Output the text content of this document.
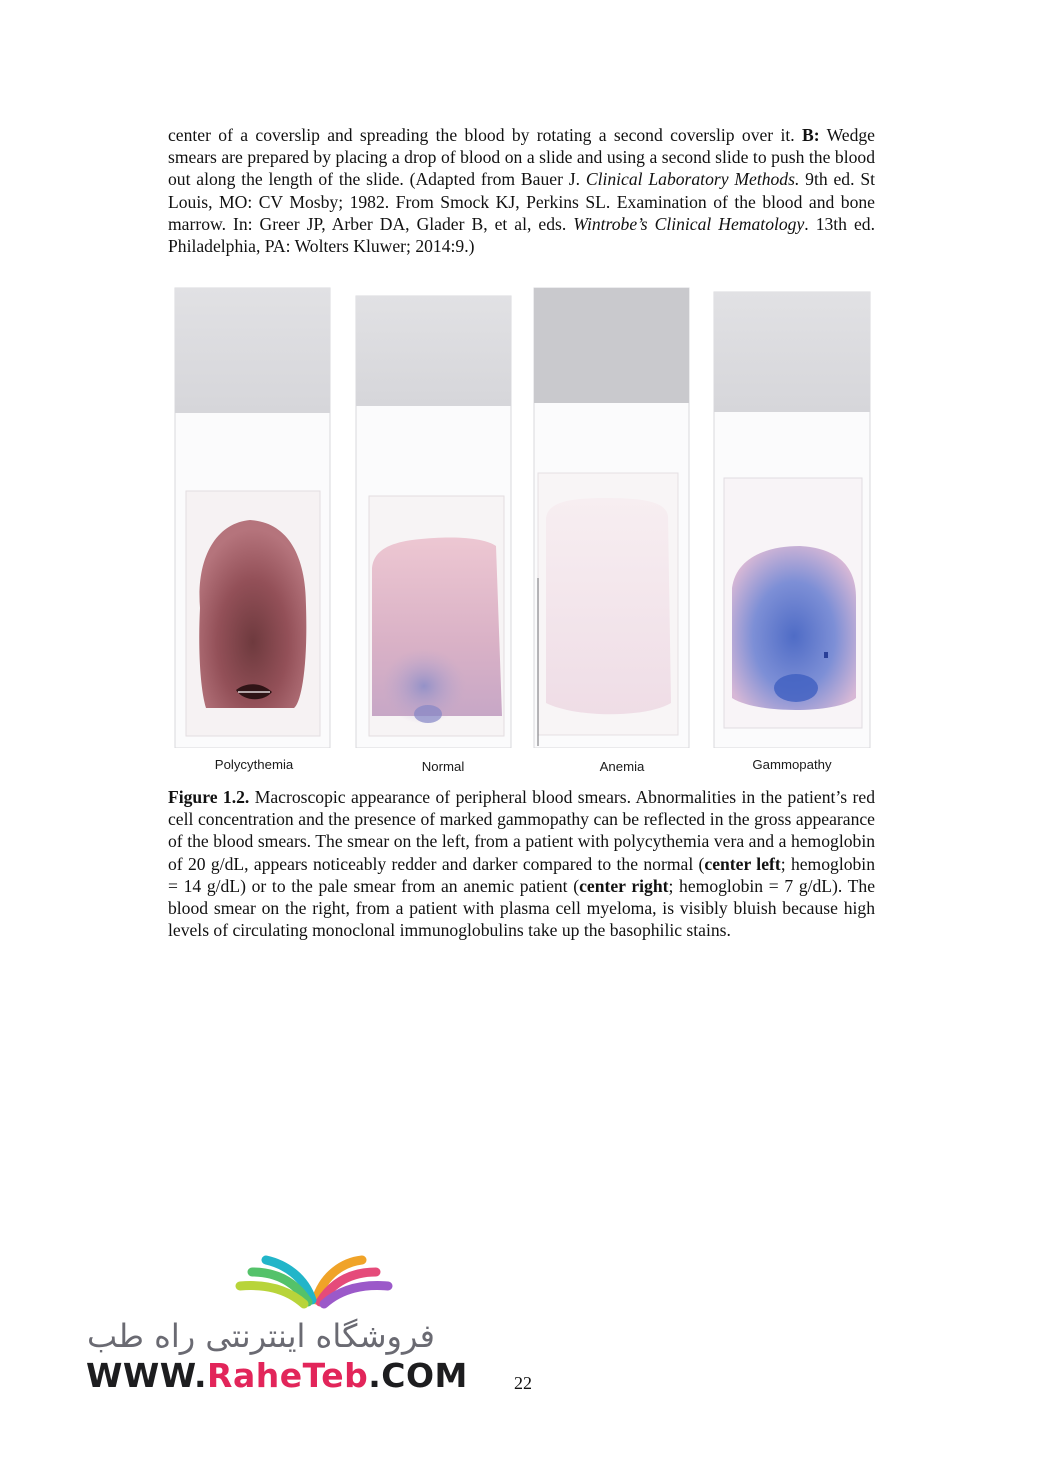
center of a coverslip and spreading the blood by rotating a second coverslip over it. B: Wedge smears are prepared by placing a drop of blood on a slide and using a second slide to push the blood out along the length of the slide. (Adapted from Bauer J. Clinical Laboratory Methods. 9th ed. St Louis, MO: CV Mosby; 1982. From Smock KJ, Perkins SL. Examination of the blood and bone marrow. In: Greer JP, Arber DA, Glader B, et al, eds. Wintrobe’s Clinical Hematology. 13th ed. Philadelphia, PA: Wolters Kluwer; 2014:9.)

Polycythemia	Normal	Anemia	Gammopathy

Figure 1.2. Macroscopic appearance of peripheral blood smears. Abnormalities in the patient’s red cell concentration and the presence of marked gammopathy can be reflected in the gross appearance of the blood smears. The smear on the left, from a patient with polycythemia vera and a hemoglobin of 20 g/dL, appears noticeably redder and darker compared to the normal (center left; hemoglobin = 14 g/dL) or to the pale smear from an anemic patient (center right; hemoglobin = 7 g/dL). The blood smear on the right, from a patient with plasma cell myeloma, is visibly bluish because high levels of circulating monoclonal immunoglobulins take up the basophilic stains.

فروشگاه اینترنتی راه طب
WWW.RaheTeb.COM	22
